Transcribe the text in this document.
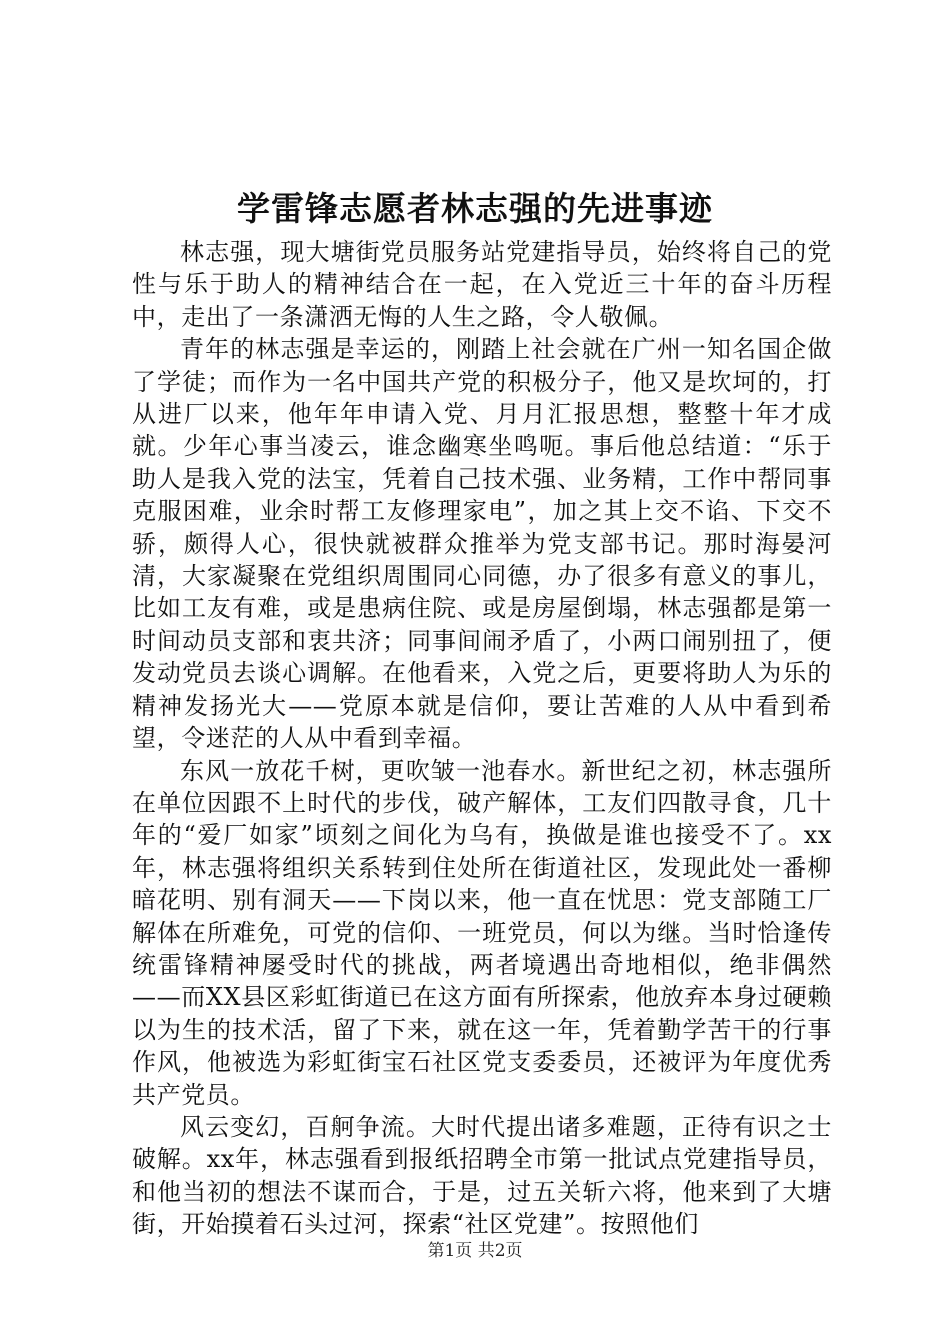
学雷锋志愿者林志强的先进事迹

林志强，现大塘街党员服务站党建指导员，始终将自己的党性与乐于助人的精神结合在一起，在入党近三十年的奋斗历程中，走出了一条潇洒无悔的人生之路，令人敬佩。

青年的林志强是幸运的，刚踏上社会就在广州一知名国企做了学徒；而作为一名中国共产党的积极分子，他又是坎坷的，打从进厂以来，他年年申请入党、月月汇报思想，整整十年才成就。少年心事当凌云，谁念幽寒坐鸣呃。事后他总结道：“乐于助人是我入党的法宝，凭着自己技术强、业务精，工作中帮同事克服困难，业余时帮工友修理家电”，加之其上交不谄、下交不骄，颇得人心，很快就被群众推举为党支部书记。那时海晏河清，大家凝聚在党组织周围同心同德，办了很多有意义的事儿，比如工友有难，或是患病住院、或是房屋倒塌，林志强都是第一时间动员支部和衷共济；同事间闹矛盾了，小两口闹别扭了，便发动党员去谈心调解。在他看来，入党之后，更要将助人为乐的精神发扬光大——党原本就是信仰，要让苦难的人从中看到希望，令迷茫的人从中看到幸福。

东风一放花千树，更吹皱一池春水。新世纪之初，林志强所在单位因跟不上时代的步伐，破产解体，工友们四散寻食，几十年的“爱厂如家”顷刻之间化为乌有，换做是谁也接受不了。xx年，林志强将组织关系转到住处所在街道社区，发现此处一番柳暗花明、别有洞天——下岗以来，他一直在忧思：党支部随工厂解体在所难免，可党的信仰、一班党员，何以为继。当时恰逢传统雷锋精神屡受时代的挑战，两者境遇出奇地相似，绝非偶然——而XX县区彩虹街道已在这方面有所探索，他放弃本身过硬赖以为生的技术活，留了下来，就在这一年，凭着勤学苦干的行事作风，他被选为彩虹街宝石社区党支委委员，还被评为年度优秀共产党员。

风云变幻，百舸争流。大时代提出诸多难题，正待有识之士破解。xx年，林志强看到报纸招聘全市第一批试点党建指导员，和他当初的想法不谋而合，于是，过五关斩六将，他来到了大塘街，开始摸着石头过河，探索“社区党建”。按照他们

第1页 共2页
